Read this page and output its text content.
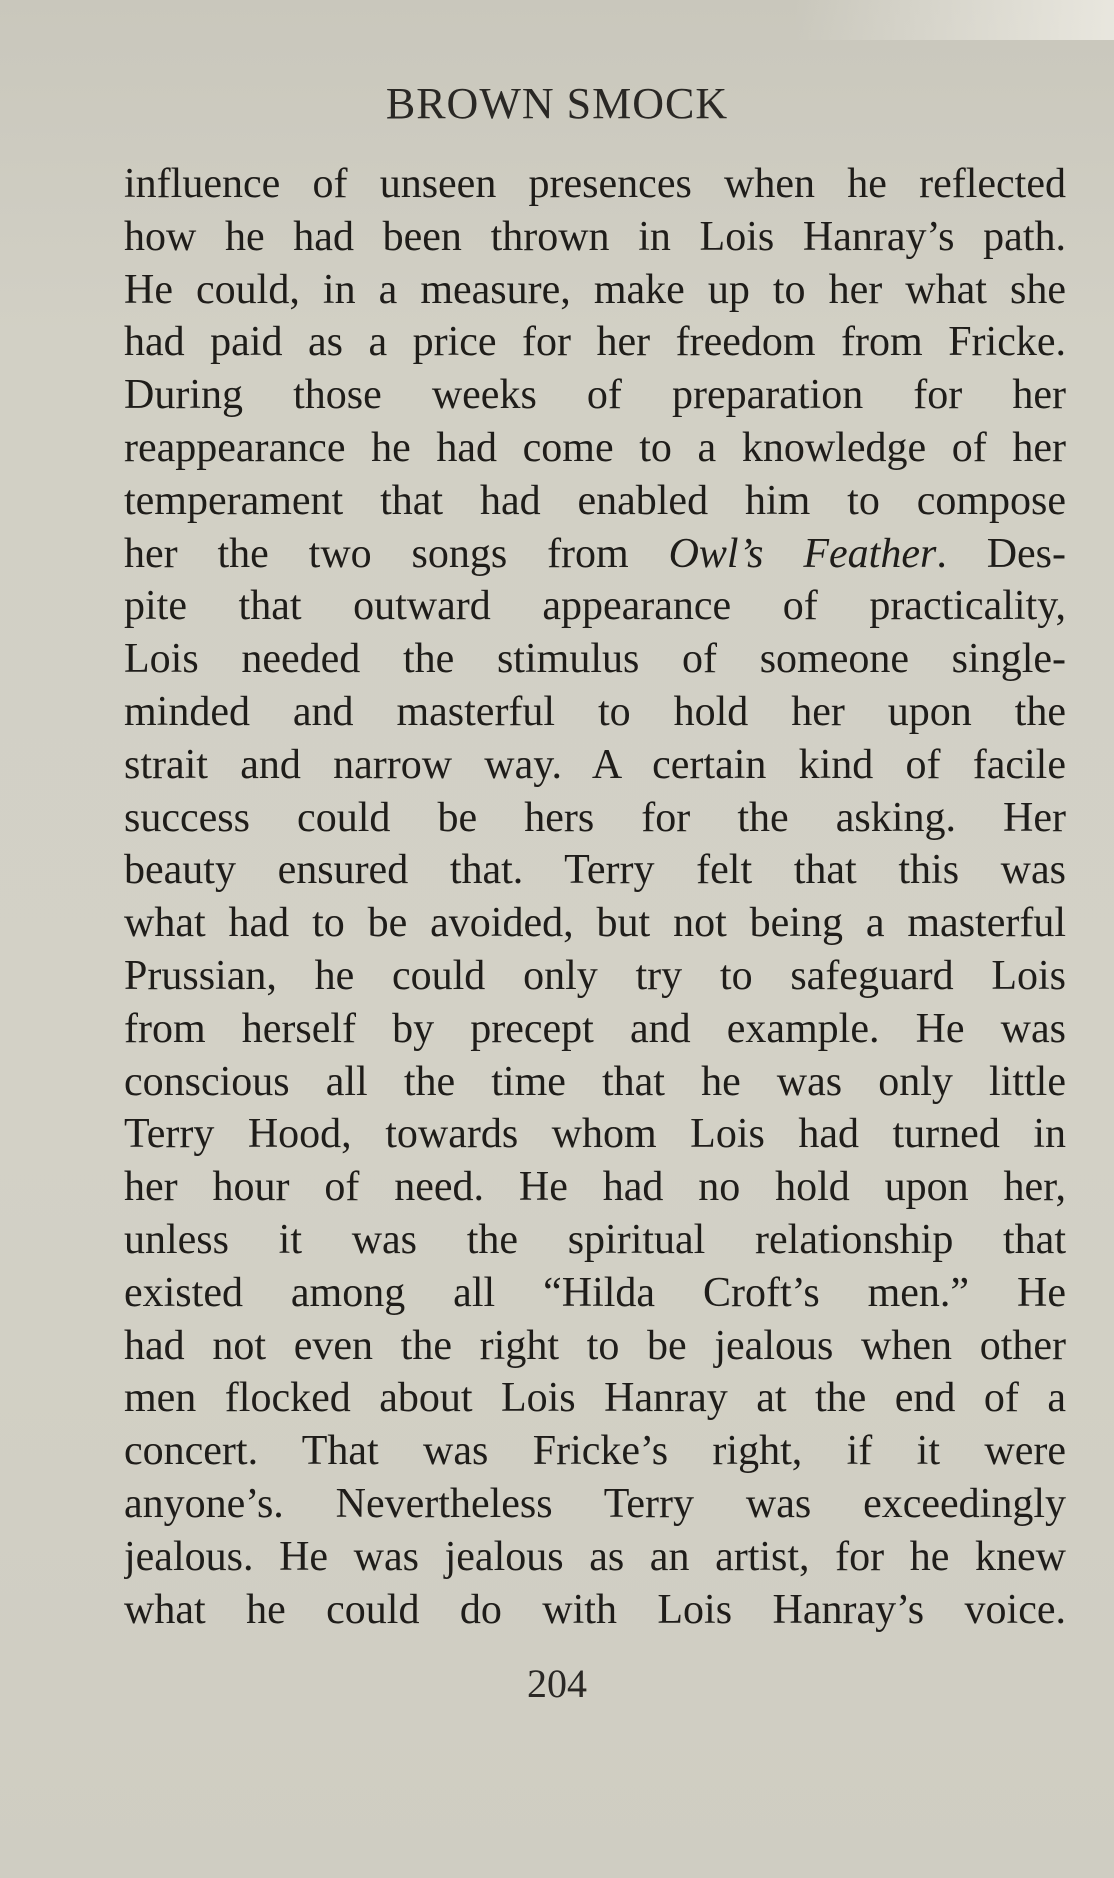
BROWN SMOCK
influence of unseen presences when he reflected
how he had been thrown in Lois Hanray’s path.
He could, in a measure, make up to her what she
had paid as a price for her freedom from Fricke.
During those weeks of preparation for her
reappearance he had come to a knowledge of her
temperament that had enabled him to compose
her the two songs from Owl’s Feather. Des-
pite that outward appearance of practicality,
Lois needed the stimulus of someone single-
minded and masterful to hold her upon the
strait and narrow way. A certain kind of facile
success could be hers for the asking. Her
beauty ensured that. Terry felt that this was
what had to be avoided, but not being a masterful
Prussian, he could only try to safeguard Lois
from herself by precept and example. He was
conscious all the time that he was only little
Terry Hood, towards whom Lois had turned in
her hour of need. He had no hold upon her,
unless it was the spiritual relationship that
existed among all “Hilda Croft’s men.” He
had not even the right to be jealous when other
men flocked about Lois Hanray at the end of a
concert. That was Fricke’s right, if it were
anyone’s. Nevertheless Terry was exceedingly
jealous. He was jealous as an artist, for he knew
what he could do with Lois Hanray’s voice.
204
